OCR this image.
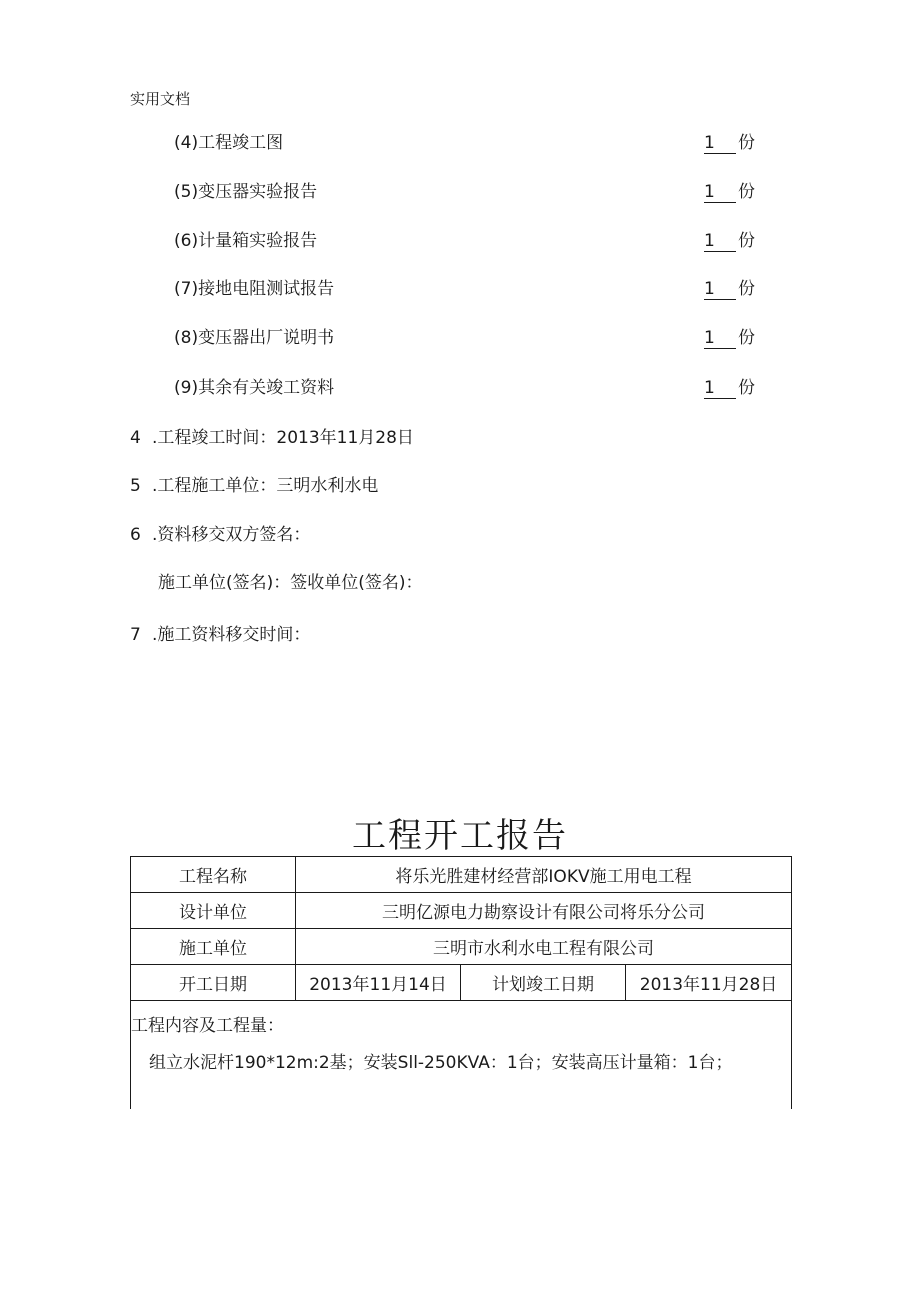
实用文档
(4)工程竣工图	1 份
(5)变压器实验报告	1 份
(6)计量箱实验报告	1 份
(7)接地电阻测试报告	1 份
(8)变压器出厂说明书	1 份
(9)其余有关竣工资料	1 份
4 .工程竣工时间：2013年11月28日
5 .工程施工单位：三明水利水电
6 .资料移交双方签名：
施工单位(签名)：签收单位(签名)：
7 .施工资料移交时间：
工程开工报告
工程名称	将乐光胜建材经营部IOKV施工用电工程		
设计单位	三明亿源电力勘察设计有限公司将乐分公司		
施工单位	三明市水利水电工程有限公司		
开工日期	2013年11月14日	计划竣工日期	2013年11月28日

工程内容及工程量：
组立水泥杆190*12m:2基；安装Sll-250KVA：1台；安装高压计量箱：1台；			
